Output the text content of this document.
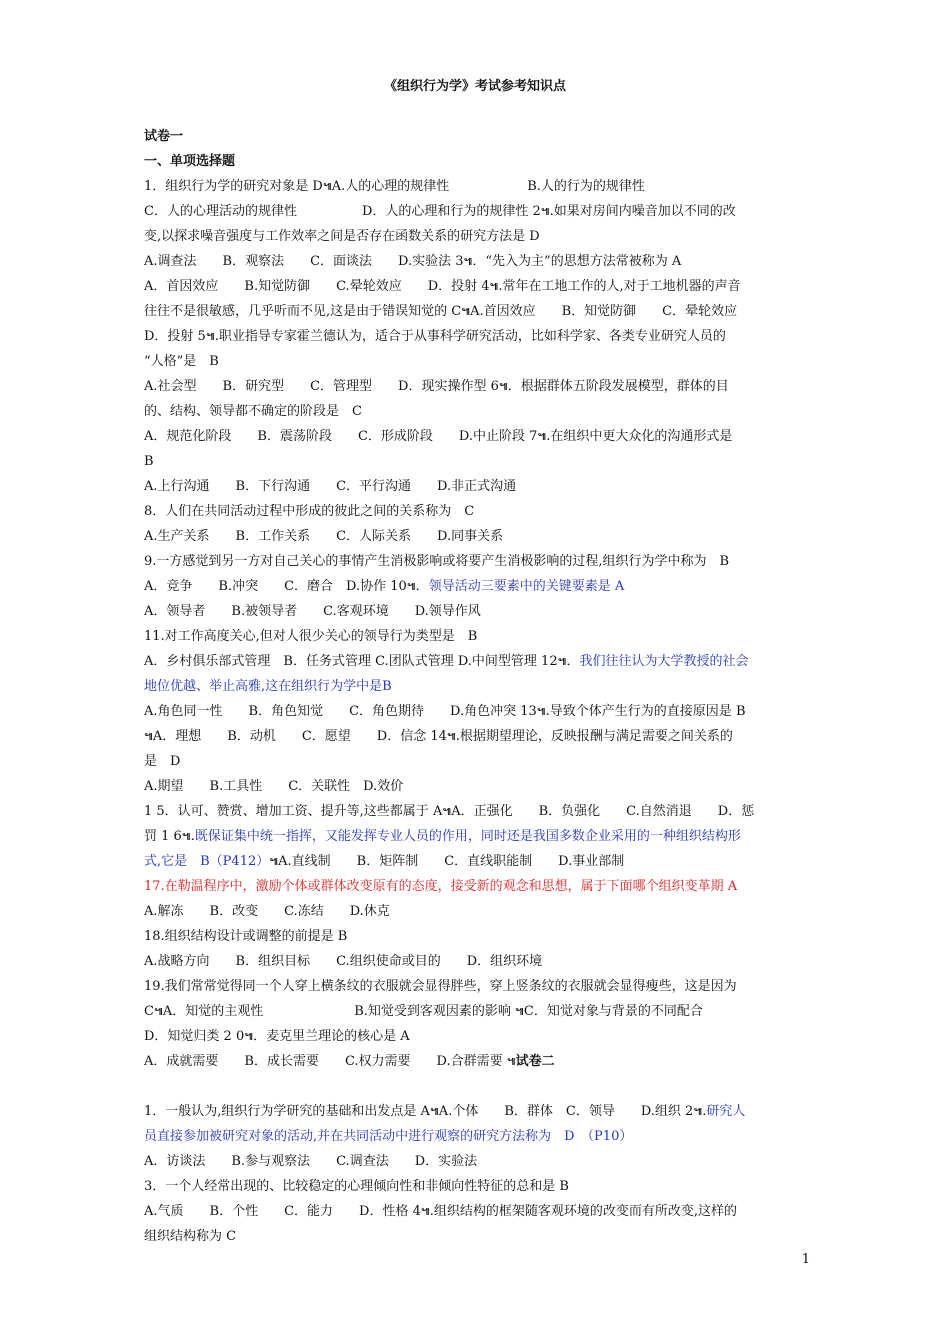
《组织行为学》考试参考知识点
试卷一
一、单项选择题
1．组织行为学的研究对象是 D๚A.人的心理的规律性　　　　　　B.人的行为的规律性
C．人的心理活动的规律性　　　　　D．人的心理和行为的规律性 2๚.如果对房间内噪音加以不同的改
变,以探求噪音强度与工作效率之间是否存在函数关系的研究方法是 D
A.调查法　　B．观察法　　C．面谈法　　D.实验法 3๚．“先入为主”的思想方法常被称为 A
A．首因效应　　B.知觉防御　　C.晕轮效应　　D．投射 4๚.常年在工地工作的人,对于工地机器的声音
往往不是很敏感，几乎听而不见,这是由于错误知觉的 C๚A.首因效应　　B．知觉防御　　C．晕轮效应
D．投射 5๚.职业指导专家霍兰德认为，适合于从事科学研究活动，比如科学家、各类专业研究人员的
“人格”是　B
A.社会型　　B．研究型　　C．管理型　　D．现实操作型 6๚．根据群体五阶段发展模型，群体的目
的、结构、领导都不确定的阶段是　C
A．规范化阶段　　B．震荡阶段　　C．形成阶段　　D.中止阶段 7๚.在组织中更大众化的沟通形式是
B
A.上行沟通　　B．下行沟通　　C．平行沟通　　D.非正式沟通
8．人们在共同活动过程中形成的彼此之间的关系称为　C
A.生产关系　　B．工作关系　　C．人际关系　　D.同事关系
9.一方感觉到另一方对自己关心的事情产生消极影响或将要产生消极影响的过程,组织行为学中称为　B
A．竞争　　B.冲突　　C．磨合　D.协作 10๚．领导活动三要素中的关键要素是 A
A．领导者　　B.被领导者　　C.客观环境　　D.领导作风
11.对工作高度关心,但对人很少关心的领导行为类型是　B
A．乡村俱乐部式管理　B．任务式管理 C.团队式管理 D.中间型管理 12๚．我们往往认为大学教授的社会
地位优越、举止高雅,这在组织行为学中是B
A.角色同一性　　B．角色知觉　　C．角色期待　　D.角色冲突 13๚.导致个体产生行为的直接原因是 B
๚A．理想　　B．动机　　C．愿望　　D．信念 14๚.根据期望理论，反映报酬与满足需要之间关系的
是　D
A.期望　　B.工具性　　C．关联性　D.效价
1 5．认可、赞赏、增加工资、提升等,这些都属于 A๚A．正强化　　B．负强化　　C.自然消退　　D．惩
罚 1 6๚.既保证集中统一指挥，又能发挥专业人员的作用，同时还是我国多数企业采用的一种组织结构形
式,它是　B（P412）๚A.直线制　　B．矩阵制　　C．直线职能制　　D.事业部制
17.在勒温程序中，激励个体或群体改变原有的态度，接受新的观念和思想，属于下面哪个组织变革期 A
A.解冻　　B．改变　　C.冻结　　D.休克
18.组织结构设计或调整的前提是 B
A.战略方向　　B．组织目标　　C.组织使命或目的　　D．组织环境
19.我们常常觉得同一个人穿上横条纹的衣服就会显得胖些，穿上竖条纹的衣服就会显得瘦些，这是因为
C๚A．知觉的主观性　　　　　　　B.知觉受到客观因素的影响 ๚C．知觉对象与背景的不同配合
D．知觉归类 2 0๚．麦克里兰理论的核心是 A
A．成就需要　　B．成长需要　　C.权力需要　　D.合群需要 ๚试卷二
1．一般认为,组织行为学研究的基础和出发点是 A๚A.个体　　B．群体　C．领导　　D.组织 2๚.研究人
员直接参加被研究对象的活动,并在共同活动中进行观察的研究方法称为　D　（P10）
A．访谈法　　B.参与观察法　　C.调查法　　D．实验法
3．一个人经常出现的、比较稳定的心理倾向性和非倾向性特征的总和是 B
A.气质　　B．个性　　C．能力　　D．性格 4๚.组织结构的框架随客观环境的改变而有所改变,这样的
组织结构称为 C
1
